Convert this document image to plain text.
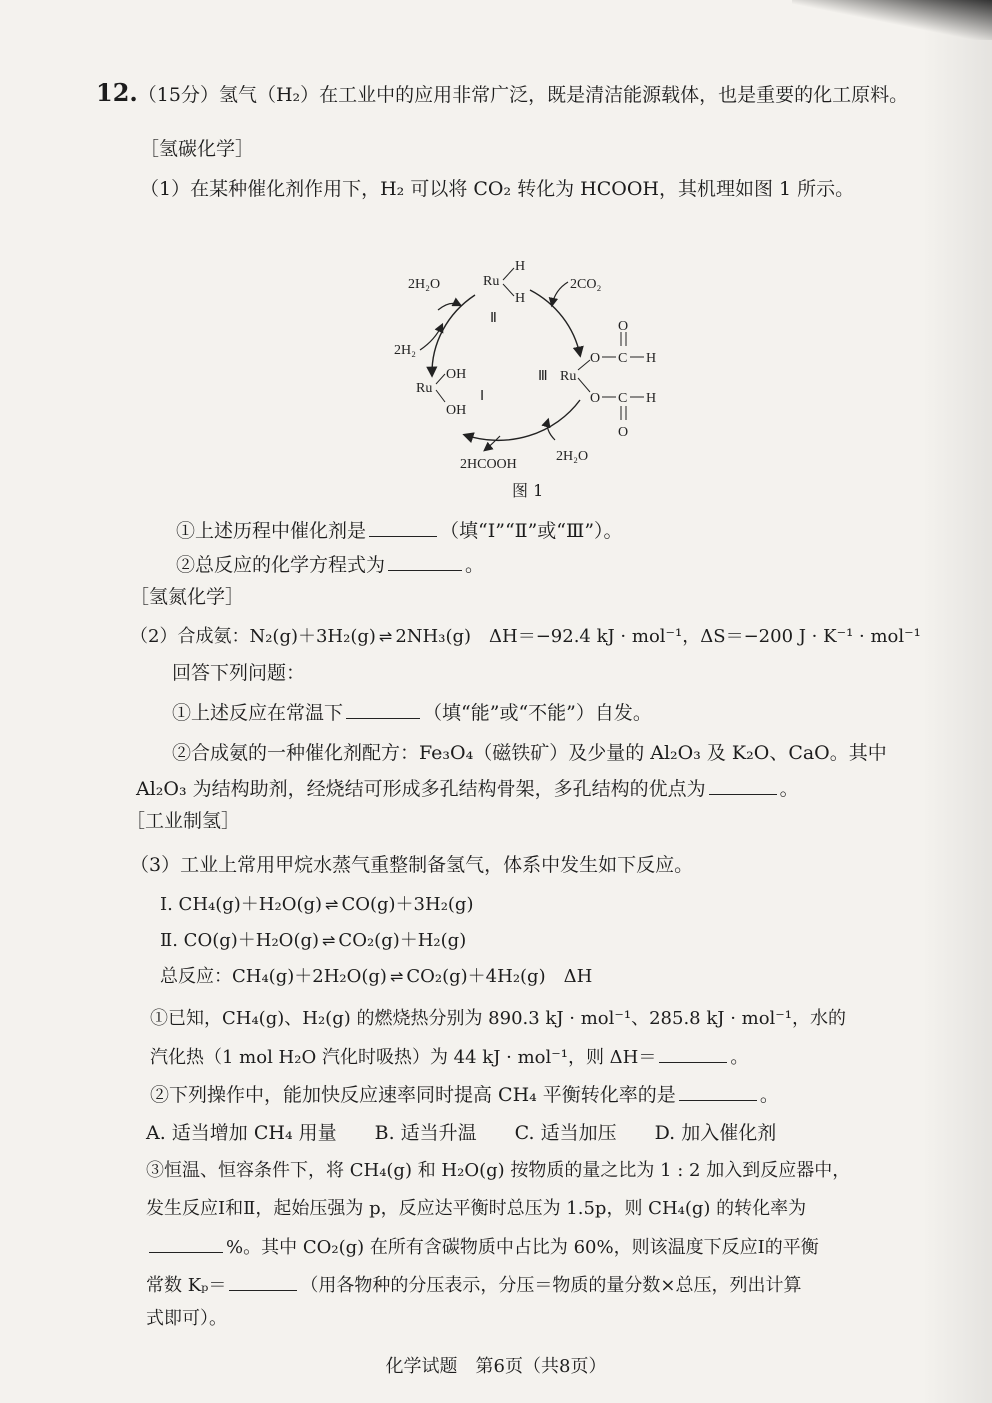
12.（15分）氢气（H₂）在工业中的应用非常广泛，既是清洁能源载体，也是重要的化工原料。
［氢碳化学］
（1）在某种催化剂作用下，H₂ 可以将 CO₂ 转化为 HCOOH，其机理如图 1 所示。
Ru
H
H
Ⅱ
Ru
OH
OH
Ⅰ
Ⅲ Ru
O C H
O
O C H
O
2H₂O
2H₂
2CO₂
2HCOOH
2H₂O
图 1
①上述历程中催化剂是	（填“Ⅰ”“Ⅱ”或“Ⅲ”）。
②总反应的化学方程式为	。
［氢氮化学］
（2）合成氨：N₂(g)＋3H₂(g) ⇌ 2NH₃(g)　ΔH＝−92.4 kJ · mol⁻¹，ΔS＝−200 J · K⁻¹ · mol⁻¹
回答下列问题：
①上述反应在常温下	（填“能”或“不能”）自发。
②合成氨的一种催化剂配方：Fe₃O₄（磁铁矿）及少量的 Al₂O₃ 及 K₂O、CaO。其中
Al₂O₃ 为结构助剂，经烧结可形成多孔结构骨架，多孔结构的优点为	。
［工业制氢］
（3）工业上常用甲烷水蒸气重整制备氢气，体系中发生如下反应。
Ⅰ. CH₄(g)＋H₂O(g) ⇌ CO(g)＋3H₂(g)
Ⅱ. CO(g)＋H₂O(g) ⇌ CO₂(g)＋H₂(g)
总反应：CH₄(g)＋2H₂O(g) ⇌ CO₂(g)＋4H₂(g)　ΔH
①已知，CH₄(g)、H₂(g) 的燃烧热分别为 890.3 kJ · mol⁻¹、285.8 kJ · mol⁻¹，水的
汽化热（1 mol H₂O 汽化时吸热）为 44 kJ · mol⁻¹，则 ΔH＝	。
②下列操作中，能加快反应速率同时提高 CH₄ 平衡转化率的是	。
A. 适当增加 CH₄ 用量　　B. 适当升温　　C. 适当加压　　D. 加入催化剂
③恒温、恒容条件下，将 CH₄(g) 和 H₂O(g) 按物质的量之比为 1 : 2 加入到反应器中，
发生反应Ⅰ和Ⅱ，起始压强为 p，反应达平衡时总压为 1.5p，则 CH₄(g) 的转化率为
%。其中 CO₂(g) 在所有含碳物质中占比为 60%，则该温度下反应Ⅰ的平衡
常数 Kₚ＝	（用各物种的分压表示，分压＝物质的量分数×总压，列出计算
式即可）。
化学试题　第6页（共8页）
